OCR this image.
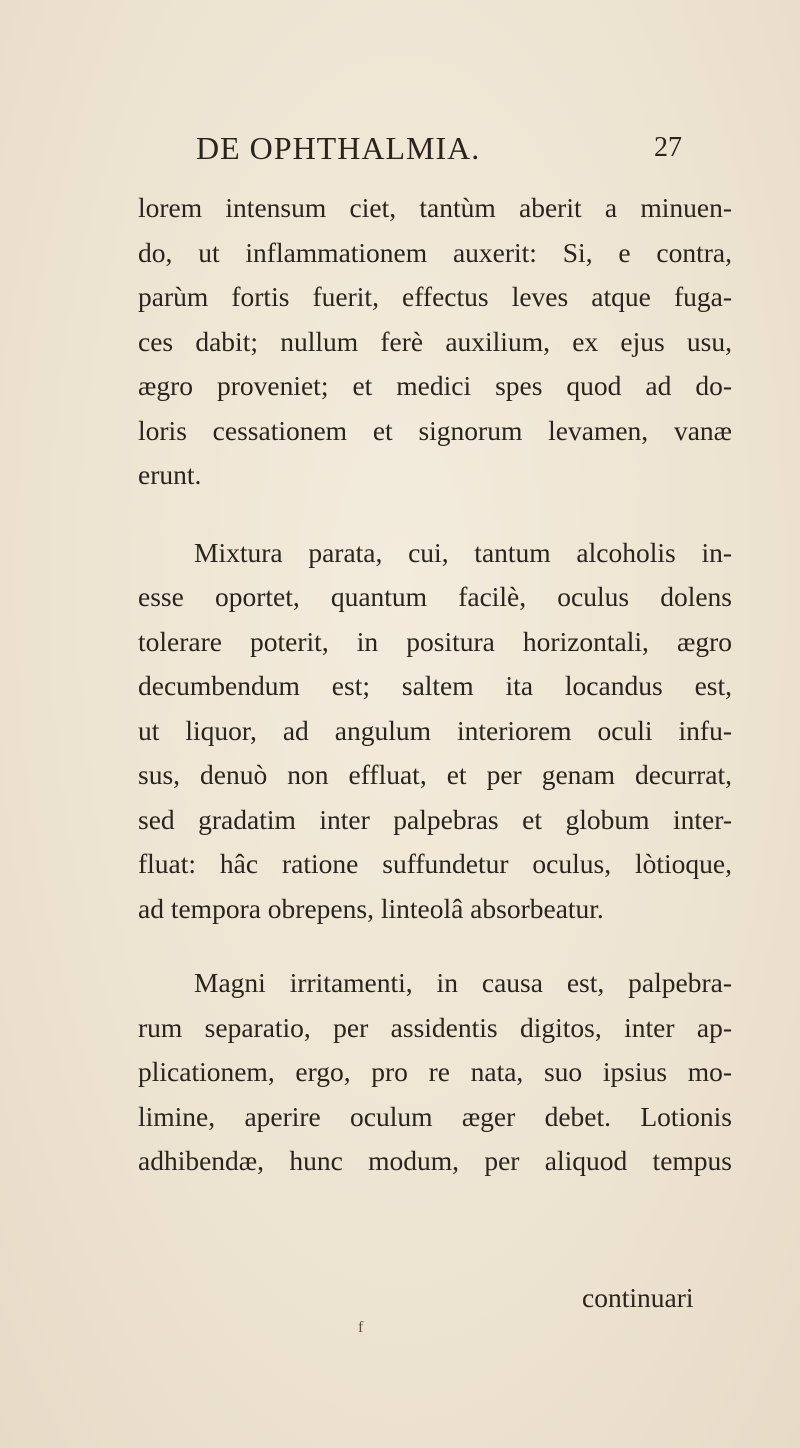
DE OPHTHALMIA.	27
lorem intensum ciet, tantùm aberit a minuen-
do, ut inflammationem auxerit: Si, e contra,
parùm fortis fuerit, effectus leves atque fuga-
ces dabit; nullum ferè auxilium, ex ejus usu,
ægro proveniet; et medici spes quod ad do-
loris cessationem et signorum levamen, vanæ
erunt.
Mixtura parata, cui, tantum alcoholis in-
esse oportet, quantum facilè, oculus dolens
tolerare poterit, in positura horizontali, ægro
decumbendum est; saltem ita locandus est,
ut liquor, ad angulum interiorem oculi infu-
sus, denuò non effluat, et per genam decurrat,
sed gradatim inter palpebras et globum inter-
fluat: hâc ratione suffundetur oculus, lòtioque,
ad tempora obrepens, linteolâ absorbeatur.
Magni irritamenti, in causa est, palpebra-
rum separatio, per assidentis digitos, inter ap-
plicationem, ergo, pro re nata, suo ipsius mo-
limine, aperire oculum æger debet. Lotionis
adhibendæ, hunc modum, per aliquod tempus
continuari
f
